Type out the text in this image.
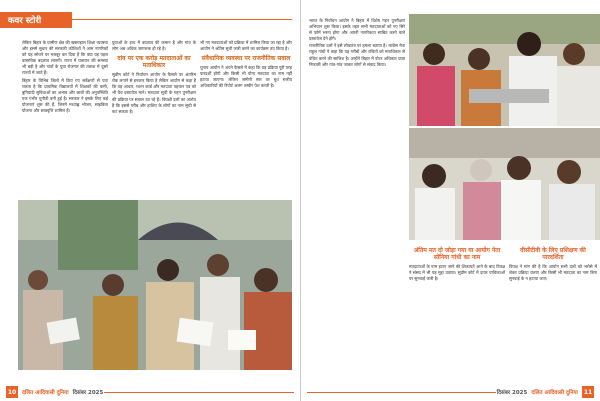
कवर स्टोरी

लेकिन बिहार के ग्रामीण क्षेत्र की खस्ताहाल शिक्षा व्यवस्था और इसमें सुधार की सरकारी कोशिशों ने आम नागरिकों को यह सोचने पर मजबूर कर दिया है कि क्या यह पहल वास्तविक बदलाव लाएगी। राज्य में पलायन की समस्या भी बड़ी है और गांवों के युवा रोजगार की तलाश में दूसरे राज्यों में जाते हैं।

बिहार के विभिन्न जिलों में किए गए सर्वेक्षणों से पता चलता है कि प्राथमिक विद्यालयों में शिक्षकों की कमी, बुनियादी सुविधाओं का अभाव और छात्रों की अनुपस्थिति एक गंभीर चुनौती बनी हुई है। सरकार ने इसके लिए कई योजनाएं शुरू की हैं, जिनमें मध्याह्न भोजन, साइकिल योजना और छात्रवृत्ति शामिल हैं।

युवाओं के हाथ में बदलाव की कमान है और गांव के लोग अब अधिक जागरूक हो रहे हैं।

दांव पर एक करोड़ मतदाताओं का मताधिकार

सुप्रीम कोर्ट ने निर्वाचन आयोग के फैसले पर अंतरिम रोक लगाने से इनकार किया है लेकिन आयोग से कहा है कि वह आधार, राशन कार्ड और मतदाता पहचान पत्र को भी वैध दस्तावेज माने। मतदाता सूची के गहन पुनरीक्षण की प्रक्रिया पर सवाल उठ रहे हैं। विपक्षी दलों का आरोप है कि इससे गरीब और हाशिए के लोगों का नाम सूची से कट सकता है।

भी नए मतदाताओं को प्रक्रिया में शामिल किया जा रहा है और आयोग ने अंतिम सूची जारी करने का कार्यक्रम तय किया है।

संवैधानिक व्यवस्था पर राजनीतिक सवाल

चुनाव आयोग ने अपने फैसले में कहा कि यह प्रक्रिया पूरी तरह पारदर्शी होगी और किसी भी योग्य मतदाता का नाम नहीं हटाया जाएगा। लेकिन जमीनी स्तर पर बूथ स्तरीय अधिकारियों की रिपोर्ट अलग तस्वीर पेश करती है।

10	दलित आदिवासी दुनिया दिसंबर 2025

भारत के निर्वाचन आयोग ने बिहार में विशेष गहन पुनरीक्षण अभियान शुरू किया। इसके तहत सभी मतदाताओं को नए सिरे से फॉर्म भरना होगा और अपनी नागरिकता साबित करने वाले दस्तावेज देने होंगे।

राजनीतिक दलों ने इसे लोकतंत्र पर हमला बताया है। कांग्रेस नेता राहुल गांधी ने कहा कि यह गरीबों और वंचितों को मताधिकार से वंचित करने की साजिश है। उन्होंने बिहार में वोटर अधिकार यात्रा निकाली और गांव-गांव जाकर लोगों से संवाद किया।

अंतिम मत दो जोड़ा गया या आयोग नेता सोनिया गांधी का नाम

मतदाताओं के नाम हटाए जाने की शिकायतें आने के बाद विपक्ष ने संसद में भी यह मुद्दा उठाया। सुप्रीम कोर्ट में दायर याचिकाओं पर सुनवाई जारी है।

वीसीटीवी के लिए प्रशिक्षण की पारदर्शिता

विपक्ष ने मांग की है कि आयोग सभी दलों को भरोसे में लेकर प्रक्रिया चलाए और किसी भी मतदाता का नाम बिना सुनवाई के न हटाया जाए।

दिसंबर 2025 दलित आदिवासी दुनिया 11
